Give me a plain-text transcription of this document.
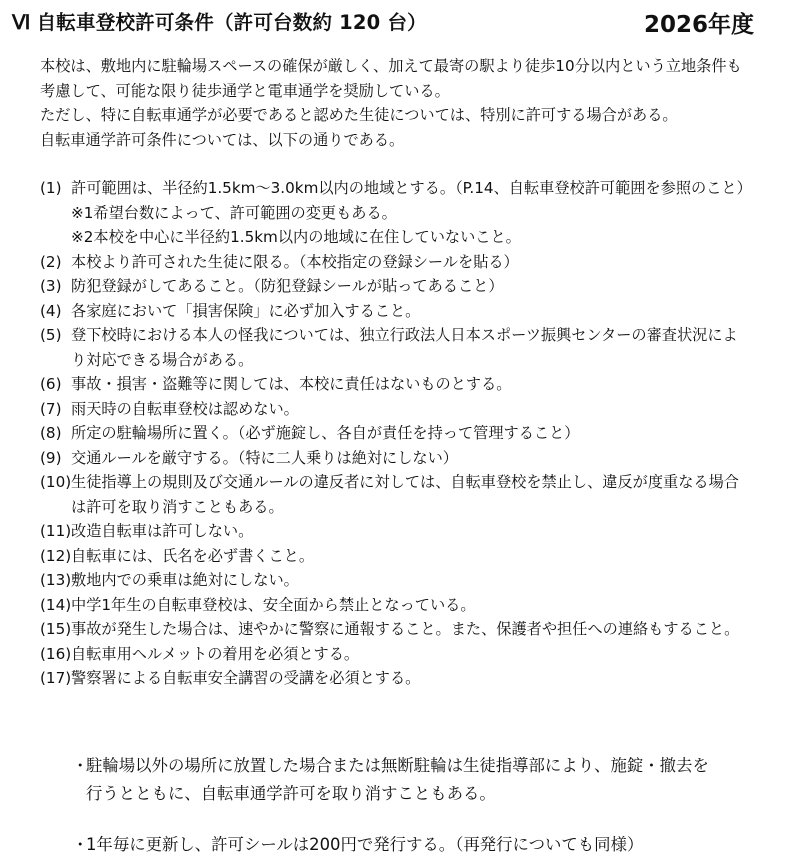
Ⅵ 自転車登校許可条件（許可台数約 120 台）	2026年度

本校は、敷地内に駐輪場スペースの確保が厳しく、加えて最寄の駅より徒歩10分以内という立地条件も

考慮して、可能な限り徒歩通学と電車通学を奨励している。

ただし、特に自転車通学が必要であると認めた生徒については、特別に許可する場合がある。

自転車通学許可条件については、以下の通りである。

(1) 許可範囲は、半径約1.5km〜3.0km以内の地域とする。（P.14、自転車登校許可範囲を参照のこと）
※1希望台数によって、許可範囲の変更もある。
※2本校を中心に半径約1.5km以内の地域に在住していないこと。
(2) 本校より許可された生徒に限る。（本校指定の登録シールを貼る）
(3) 防犯登録がしてあること。（防犯登録シールが貼ってあること）
(4) 各家庭において「損害保険」に必ず加入すること。
(5) 登下校時における本人の怪我については、独立行政法人日本スポーツ振興センターの審査状況によ
り対応できる場合がある。
(6) 事故・損害・盗難等に関しては、本校に責任はないものとする。
(7) 雨天時の自転車登校は認めない。
(8) 所定の駐輪場所に置く。（必ず施錠し、各自が責任を持って管理すること）
(9) 交通ルールを厳守する。（特に二人乗りは絶対にしない）
(10) 生徒指導上の規則及び交通ルールの違反者に対しては、自転車登校を禁止し、違反が度重なる場合
は許可を取り消すこともある。
(11) 改造自転車は許可しない。
(12) 自転車には、氏名を必ず書くこと。
(13) 敷地内での乗車は絶対にしない。
(14) 中学1年生の自転車登校は、安全面から禁止となっている。
(15) 事故が発生した場合は、速やかに警察に通報すること。また、保護者や担任への連絡もすること。
(16) 自転車用ヘルメットの着用を必須とする。
(17) 警察署による自転車安全講習の受講を必須とする。
・
駐輪場以外の場所に放置した場合または無断駐輪は生徒指導部により、施錠・撤去を
行うとともに、自転車通学許可を取り消すこともある。
・
1年毎に更新し、許可シールは200円で発行する。（再発行についても同様）
